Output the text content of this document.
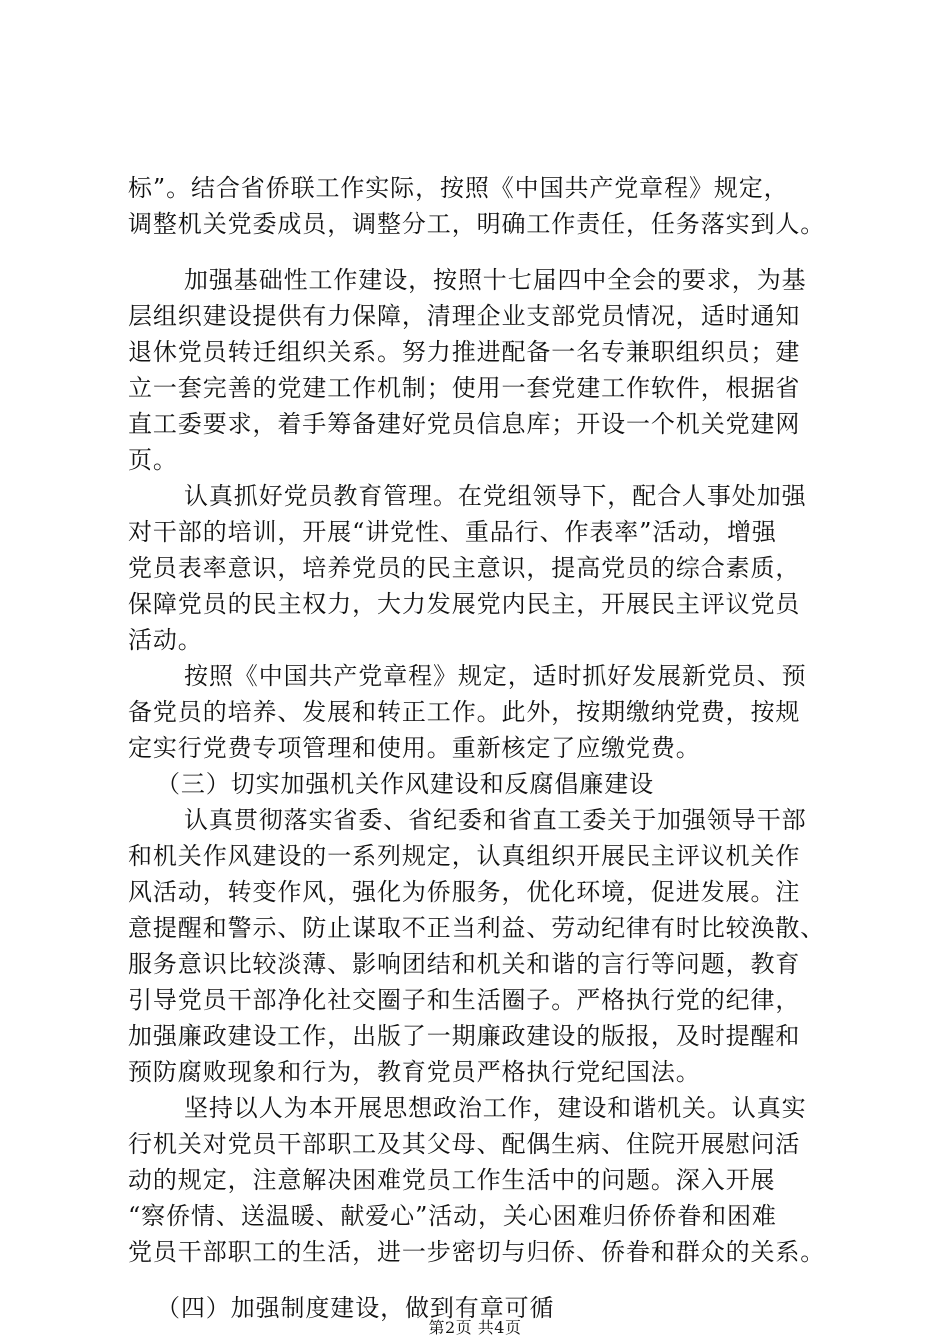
标”。结合省侨联工作实际，按照《中国共产党章程》规定，
调整机关党委成员，调整分工，明确工作责任，任务落实到人。
加强基础性工作建设，按照十七届四中全会的要求，为基
层组织建设提供有力保障，清理企业支部党员情况，适时通知
退休党员转迁组织关系。努力推进配备一名专兼职组织员；建
立一套完善的党建工作机制；使用一套党建工作软件，根据省
直工委要求，着手筹备建好党员信息库；开设一个机关党建网
页。
认真抓好党员教育管理。在党组领导下，配合人事处加强
对干部的培训，开展“讲党性、重品行、作表率”活动，增强
党员表率意识，培养党员的民主意识，提高党员的综合素质，
保障党员的民主权力，大力发展党内民主，开展民主评议党员
活动。
按照《中国共产党章程》规定，适时抓好发展新党员、预
备党员的培养、发展和转正工作。此外，按期缴纳党费，按规
定实行党费专项管理和使用。重新核定了应缴党费。
（三）切实加强机关作风建设和反腐倡廉建设
认真贯彻落实省委、省纪委和省直工委关于加强领导干部
和机关作风建设的一系列规定，认真组织开展民主评议机关作
风活动，转变作风，强化为侨服务，优化环境，促进发展。注
意提醒和警示、防止谋取不正当利益、劳动纪律有时比较涣散、
服务意识比较淡薄、影响团结和机关和谐的言行等问题，教育
引导党员干部净化社交圈子和生活圈子。严格执行党的纪律，
加强廉政建设工作，出版了一期廉政建设的版报，及时提醒和
预防腐败现象和行为，教育党员严格执行党纪国法。
坚持以人为本开展思想政治工作，建设和谐机关。认真实
行机关对党员干部职工及其父母、配偶生病、住院开展慰问活
动的规定，注意解决困难党员工作生活中的问题。深入开展
“察侨情、送温暖、献爱心”活动，关心困难归侨侨眷和困难
党员干部职工的生活，进一步密切与归侨、侨眷和群众的关系。
（四）加强制度建设，做到有章可循
第2页 共4页
